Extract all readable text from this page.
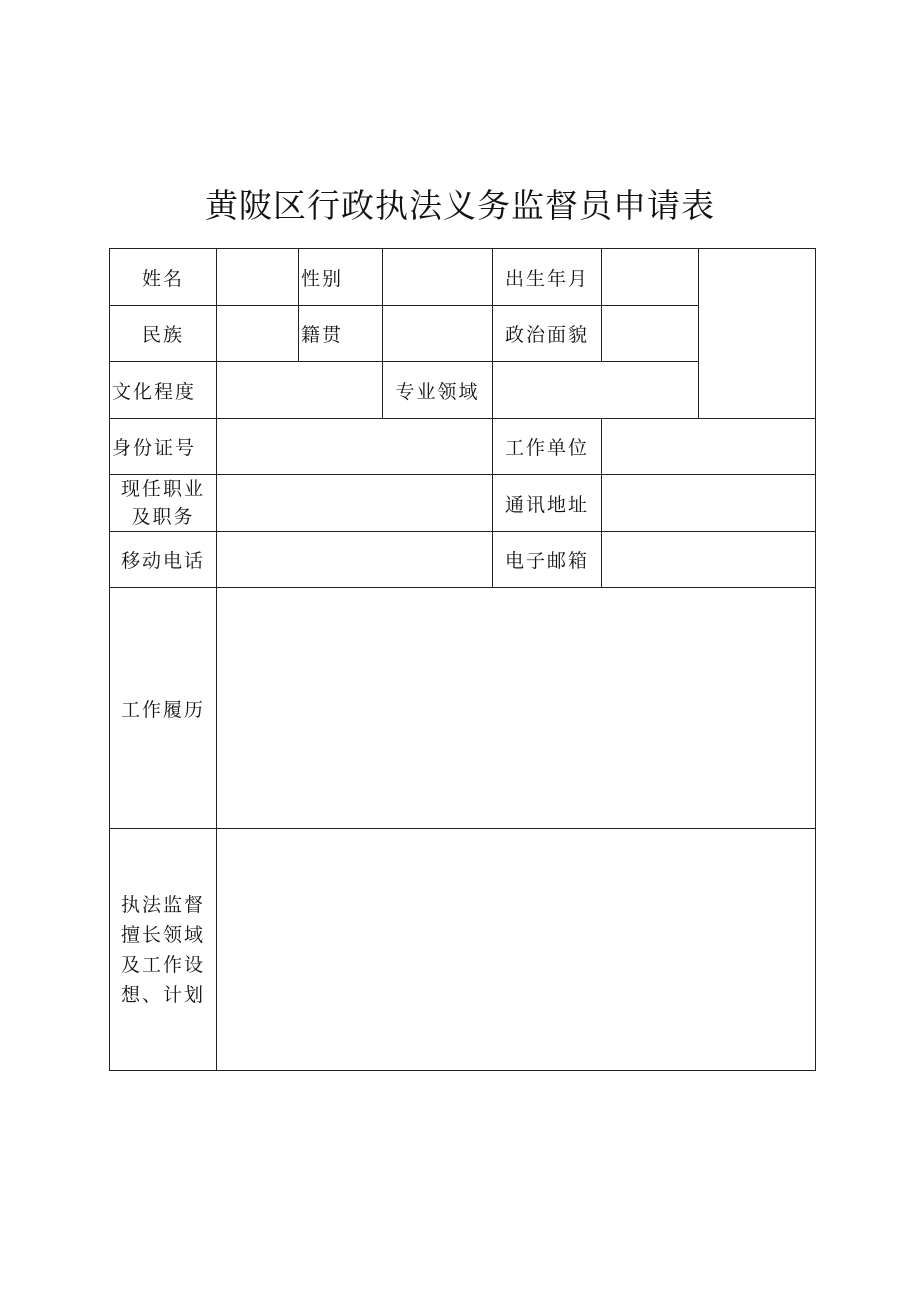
黄陂区行政执法义务监督员申请表
姓名		性别		出生年月		
民族		籍贯		政治面貌		
文化程度			专业领域			
身份证号				工作单位		

现任职业
及职务				通讯地址		
移动电话				电子邮箱		
工作履历						

执法监督
擅长领域
及工作设
想、计划						
